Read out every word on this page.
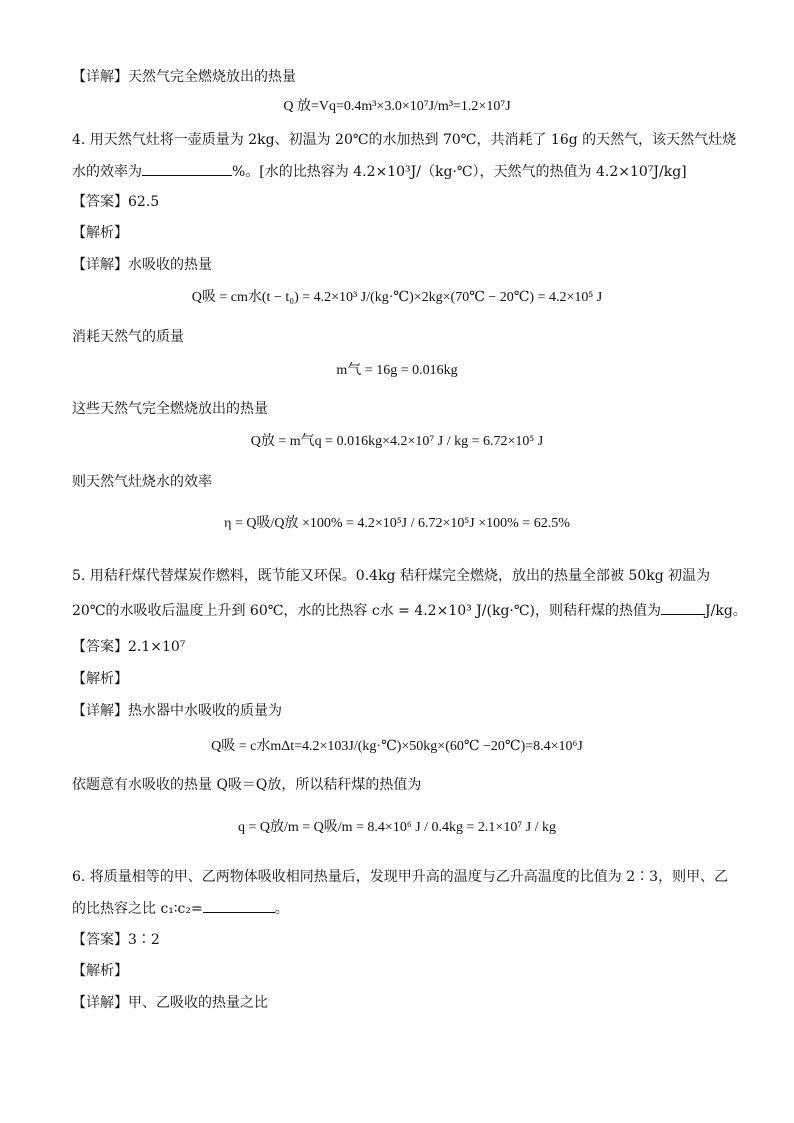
【详解】天然气完全燃烧放出的热量
Q 放=Vq=0.4m³×3.0×10⁷J/m³=1.2×10⁷J
4. 用天然气灶将一壶质量为 2kg、初温为 20℃的水加热到 70℃，共消耗了 16g 的天然气，该天然气灶烧
水的效率为	%。[水的比热容为 4.2×10³J/（kg·℃），天然气的热值为 4.2×10⁷J/kg]
【答案】62.5
【解析】
【详解】水吸收的热量
Q吸 = cm水(t − t₀) = 4.2×10³ J/(kg·℃)×2kg×(70℃ − 20℃) = 4.2×10⁵ J
消耗天然气的质量
m气 = 16g = 0.016kg
这些天然气完全燃烧放出的热量
Q放 = m气q = 0.016kg×4.2×10⁷ J / kg = 6.72×10⁵ J
则天然气灶烧水的效率
η = Q吸/Q放 ×100% = 4.2×10⁵J / 6.72×10⁵J ×100% = 62.5%
5. 用秸秆煤代替煤炭作燃料，既节能又环保。0.4kg 秸秆煤完全燃烧，放出的热量全部被 50kg 初温为
20℃的水吸收后温度上升到 60℃，水的比热容 c水 = 4.2×10³ J/(kg·℃)，则秸秆煤的热值为	J/kg。
【答案】2.1×10⁷
【解析】
【详解】热水器中水吸收的质量为
Q吸 = c水mΔt=4.2×103J/(kg·℃)×50kg×(60℃ −20℃)=8.4×10⁶J
依题意有水吸收的热量 Q吸＝Q放，所以秸秆煤的热值为
q = Q放/m = Q吸/m = 8.4×10⁶ J / 0.4kg = 2.1×10⁷ J / kg
6. 将质量相等的甲、乙两物体吸收相同热量后，发现甲升高的温度与乙升高温度的比值为 2∶3，则甲、乙
的比热容之比 c₁∶c₂=	。
【答案】3∶2
【解析】
【详解】甲、乙吸收的热量之比
